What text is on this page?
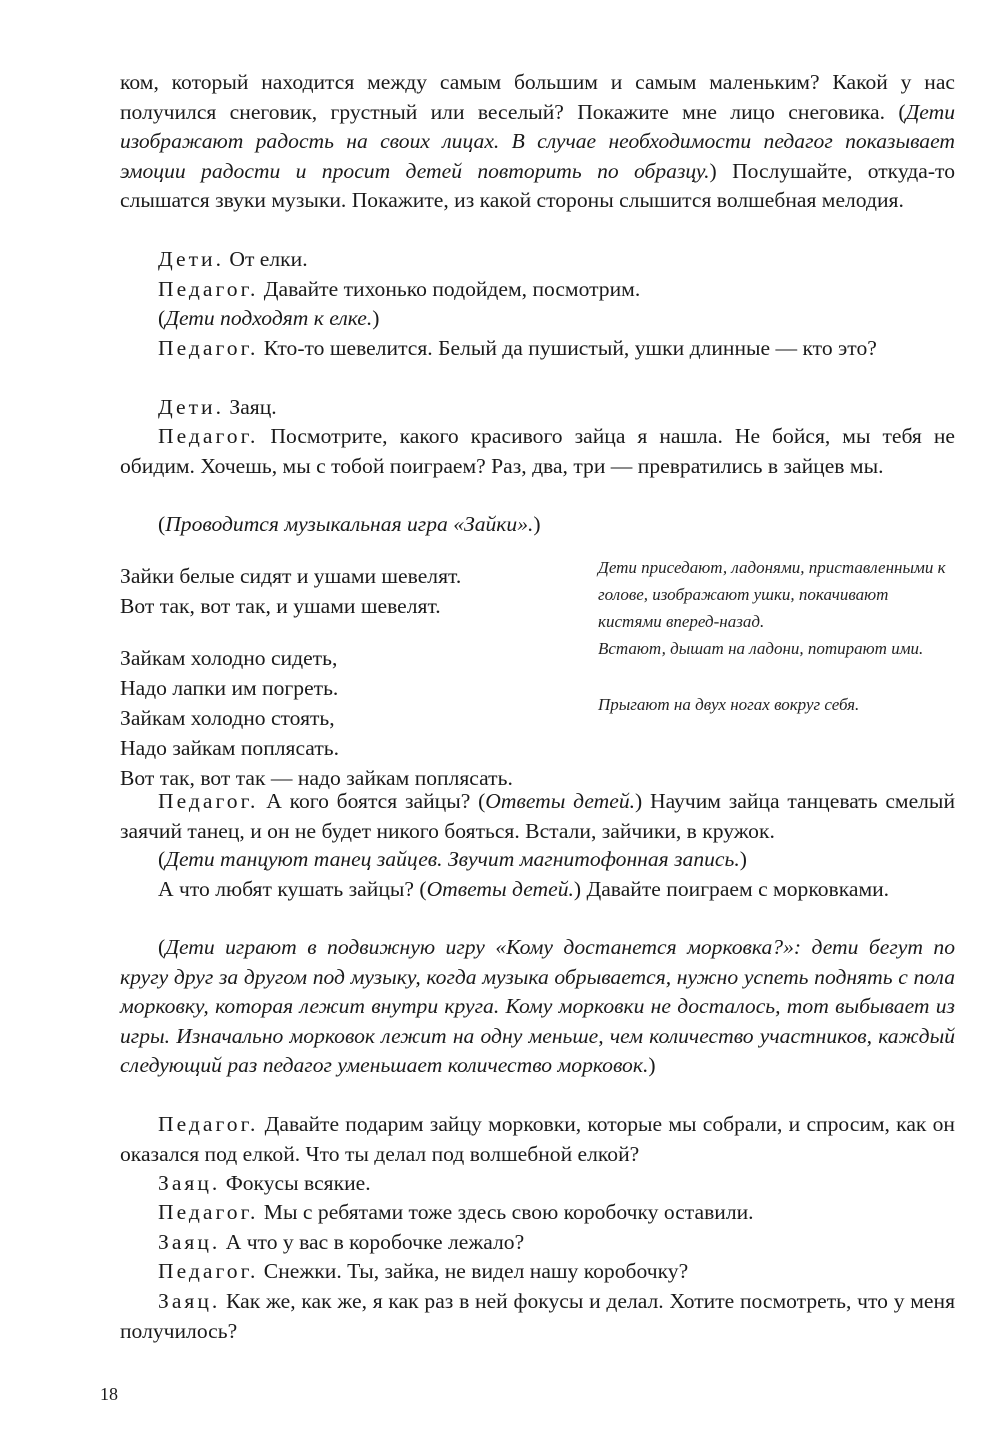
ком, который находится между самым большим и самым маленьким? Какой у нас получился снеговик, грустный или веселый? Покажите мне лицо снеговика. (Дети изображают радость на своих лицах. В случае необходимости педагог показывает эмоции радости и просит детей повторить по образцу.) Послушайте, откуда-то слышатся звуки музыки. Покажите, из какой стороны слышится волшебная мелодия.

Дети. От елки.

Педагог. Давайте тихонько подойдем, посмотрим.

(Дети подходят к елке.)

Педагог. Кто-то шевелится. Белый да пушистый, ушки длинные — кто это?

Дети. Заяц.

Педагог. Посмотрите, какого красивого зайца я нашла. Не бойся, мы тебя не обидим. Хочешь, мы с тобой поиграем? Раз, два, три — превратились в зайцев мы.

(Проводится музыкальная игра «Зайки».)

Зайки белые сидят и ушами шевелят.

Вот так, вот так, и ушами шевелят.

Зайкам холодно сидеть,

Надо лапки им погреть.

Зайкам холодно стоять,

Надо зайкам поплясать.

Вот так, вот так — надо зайкам поплясать.

Дети приседают, ладонями, приставленными к голове, изображают ушки, покачивают кистями вперед-назад.

Встают, дышат на ладони, потирают ими.

Прыгают на двух ногах вокруг себя.

Педагог. А кого боятся зайцы? (Ответы детей.) Научим зайца танцевать смелый заячий танец, и он не будет никого бояться. Встали, зайчики, в кружок.

(Дети танцуют танец зайцев. Звучит магнитофонная запись.)

А что любят кушать зайцы? (Ответы детей.) Давайте поиграем с морковками.

(Дети играют в подвижную игру «Кому достанется морковка?»: дети бегут по кругу друг за другом под музыку, когда музыка обрывается, нужно успеть поднять с пола морковку, которая лежит внутри круга. Кому морковки не досталось, тот выбывает из игры. Изначально морковок лежит на одну меньше, чем количество участников, каждый следующий раз педагог уменьшает количество морковок.)

Педагог. Давайте подарим зайцу морковки, которые мы собрали, и спросим, как он оказался под елкой. Что ты делал под волшебной елкой?

Заяц. Фокусы всякие.

Педагог. Мы с ребятами тоже здесь свою коробочку оставили.

Заяц. А что у вас в коробочке лежало?

Педагог. Снежки. Ты, зайка, не видел нашу коробочку?

Заяц. Как же, как же, я как раз в ней фокусы и делал. Хотите посмотреть, что у меня получилось?

18
